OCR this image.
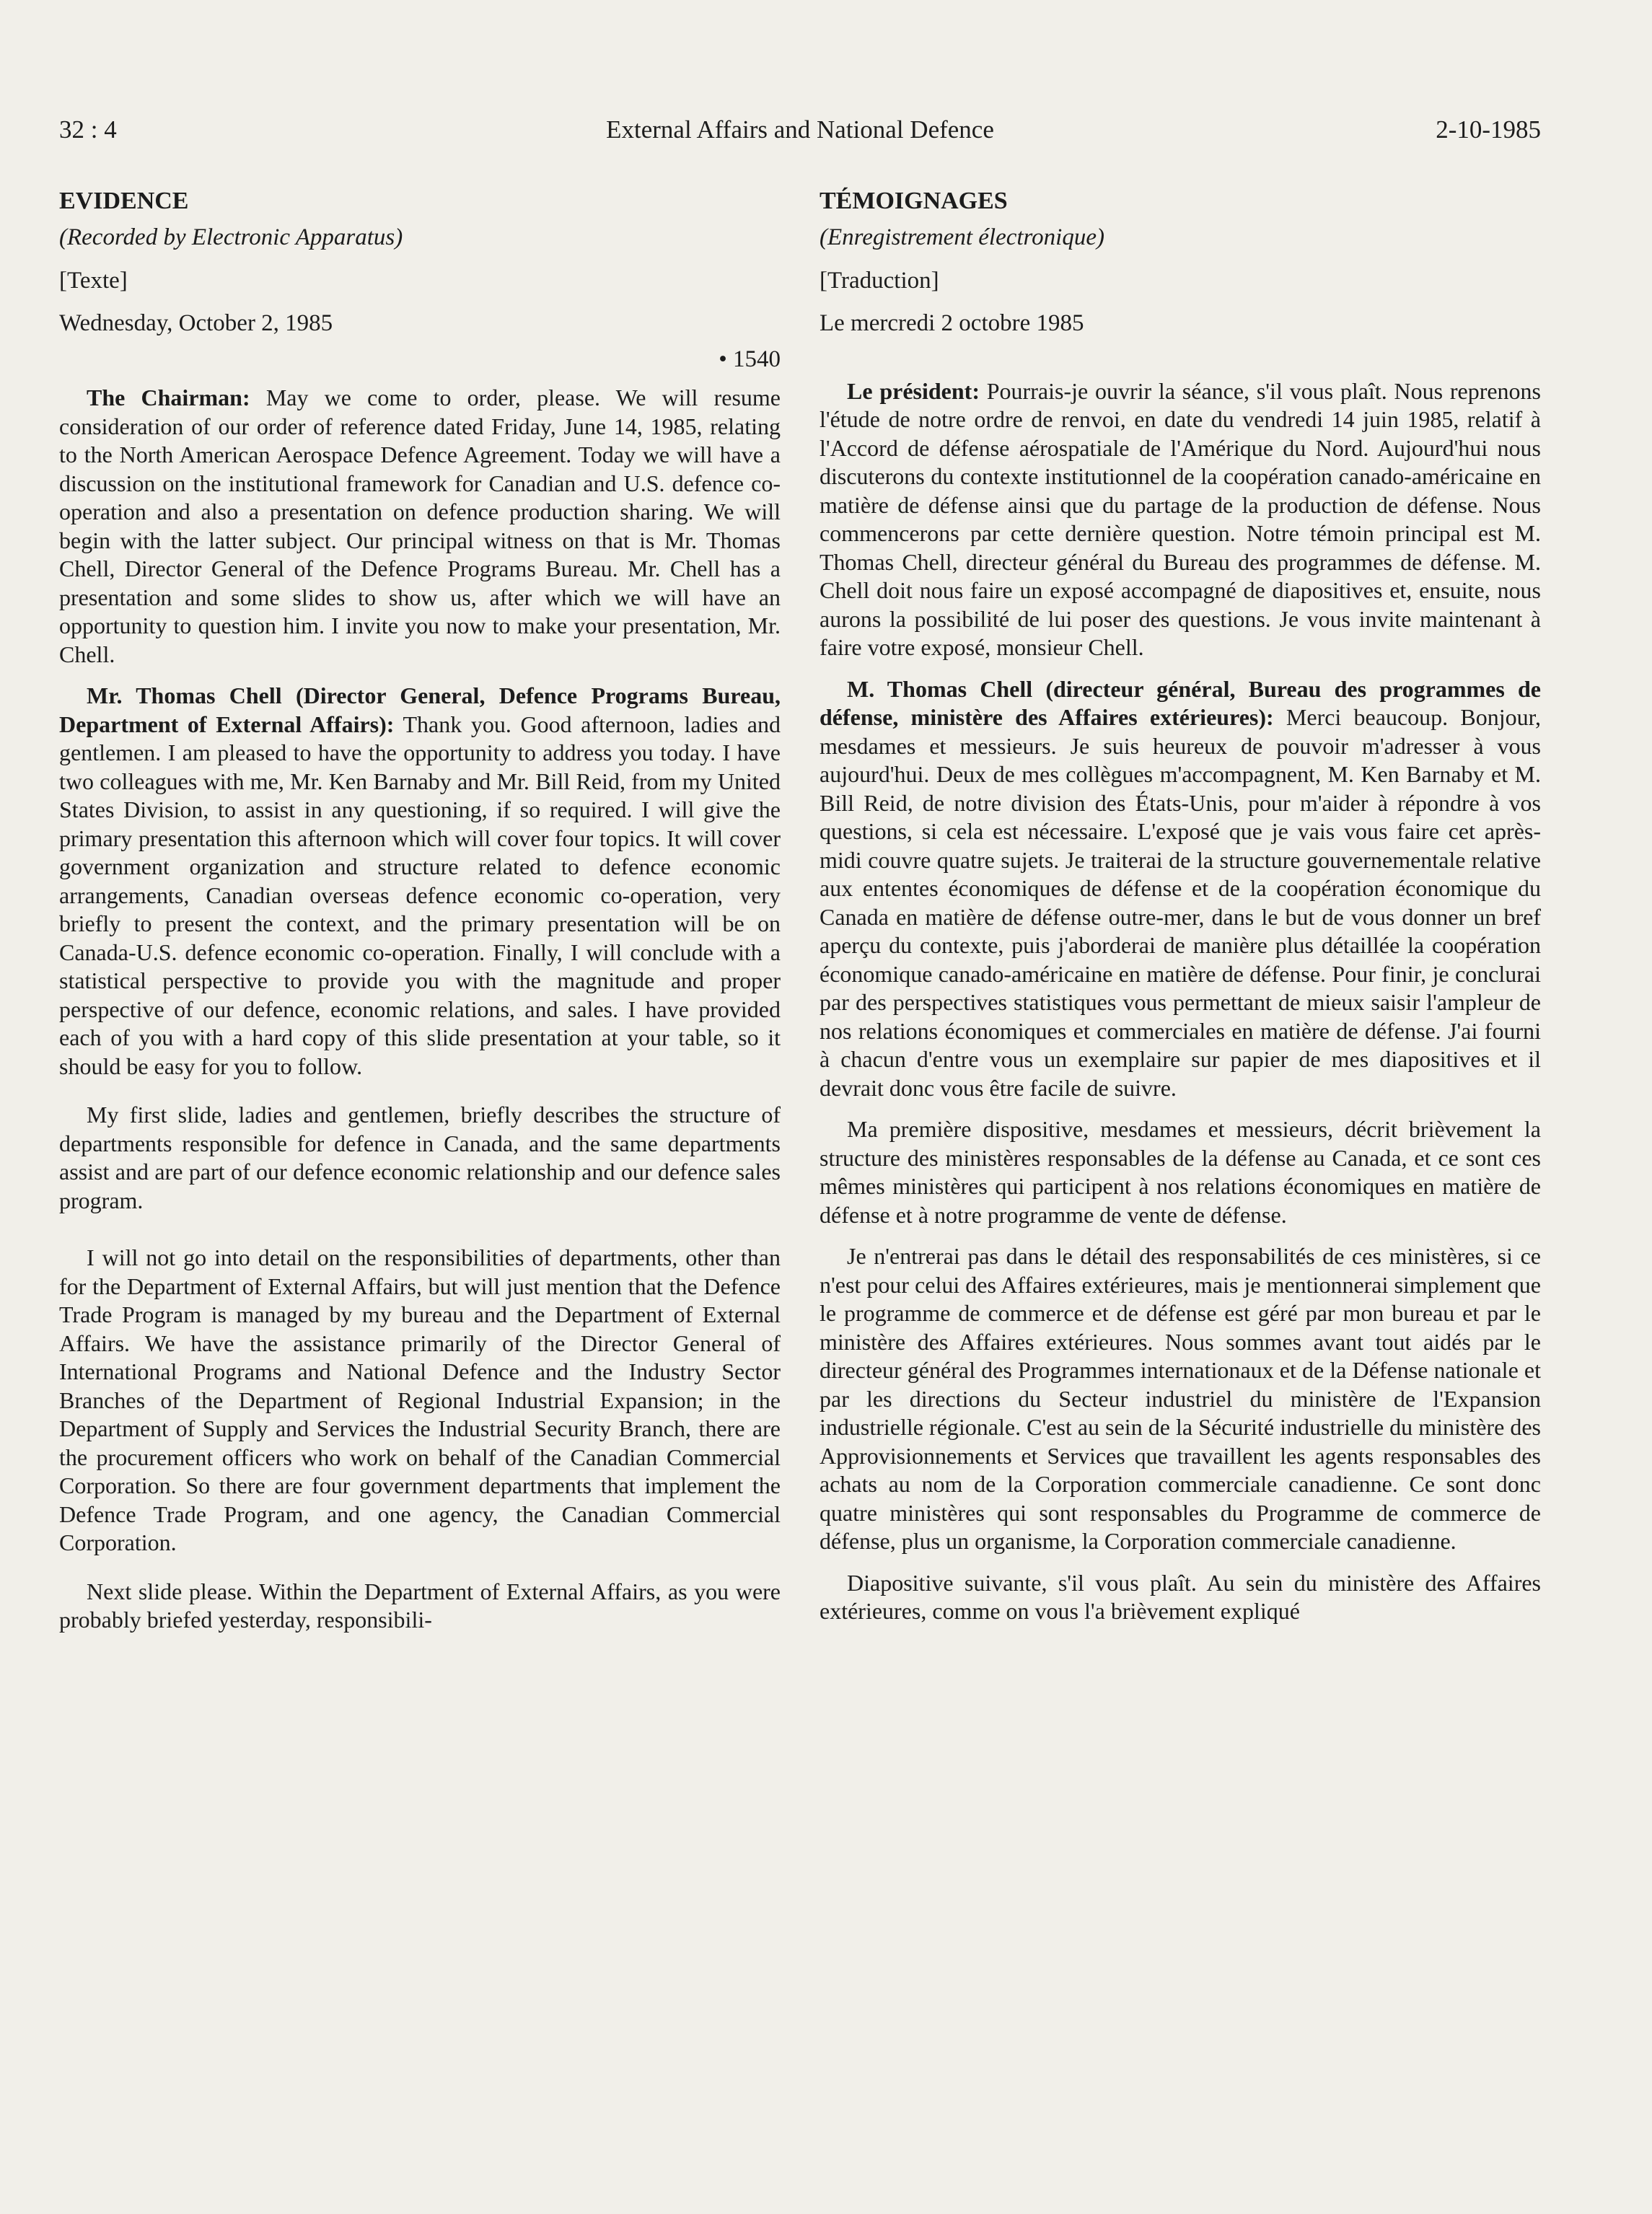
32 : 4	External Affairs and National Defence	2-10-1985
EVIDENCE
(Recorded by Electronic Apparatus)
[Texte]
Wednesday, October 2, 1985
• 1540

The Chairman: May we come to order, please. We will resume consideration of our order of reference dated Friday, June 14, 1985, relating to the North American Aerospace Defence Agreement. Today we will have a discussion on the institutional framework for Canadian and U.S. defence co-operation and also a presentation on defence production sharing. We will begin with the latter subject. Our principal witness on that is Mr. Thomas Chell, Director General of the Defence Programs Bureau. Mr. Chell has a presentation and some slides to show us, after which we will have an opportunity to question him. I invite you now to make your presentation, Mr. Chell.

Mr. Thomas Chell (Director General, Defence Programs Bureau, Department of External Affairs): Thank you. Good afternoon, ladies and gentlemen. I am pleased to have the opportunity to address you today. I have two colleagues with me, Mr. Ken Barnaby and Mr. Bill Reid, from my United States Division, to assist in any questioning, if so required. I will give the primary presentation this afternoon which will cover four topics. It will cover government organization and structure related to defence economic arrangements, Canadian overseas defence economic co-operation, very briefly to present the context, and the primary presentation will be on Canada-U.S. defence economic co-operation. Finally, I will conclude with a statistical perspective to provide you with the magnitude and proper perspective of our defence, economic relations, and sales. I have provided each of you with a hard copy of this slide presentation at your table, so it should be easy for you to follow.

My first slide, ladies and gentlemen, briefly describes the structure of departments responsible for defence in Canada, and the same departments assist and are part of our defence economic relationship and our defence sales program.

I will not go into detail on the responsibilities of departments, other than for the Department of External Affairs, but will just mention that the Defence Trade Program is managed by my bureau and the Department of External Affairs. We have the assistance primarily of the Director General of International Programs and National Defence and the Industry Sector Branches of the Department of Regional Industrial Expansion; in the Department of Supply and Services the Industrial Security Branch, there are the procurement officers who work on behalf of the Canadian Commercial Corporation. So there are four government departments that implement the Defence Trade Program, and one agency, the Canadian Commercial Corporation.

Next slide please. Within the Department of External Affairs, as you were probably briefed yesterday, responsibili-

TÉMOIGNAGES
(Enregistrement électronique)
[Traduction]
Le mercredi 2 octobre 1985

Le président: Pourrais-je ouvrir la séance, s'il vous plaît. Nous reprenons l'étude de notre ordre de renvoi, en date du vendredi 14 juin 1985, relatif à l'Accord de défense aérospatiale de l'Amérique du Nord. Aujourd'hui nous discuterons du contexte institutionnel de la coopération canado-américaine en matière de défense ainsi que du partage de la production de défense. Nous commencerons par cette dernière question. Notre témoin principal est M. Thomas Chell, directeur général du Bureau des programmes de défense. M. Chell doit nous faire un exposé accompagné de diapositives et, ensuite, nous aurons la possibilité de lui poser des questions. Je vous invite maintenant à faire votre exposé, monsieur Chell.

M. Thomas Chell (directeur général, Bureau des programmes de défense, ministère des Affaires extérieures): Merci beaucoup. Bonjour, mesdames et messieurs. Je suis heureux de pouvoir m'adresser à vous aujourd'hui. Deux de mes collègues m'accompagnent, M. Ken Barnaby et M. Bill Reid, de notre division des États-Unis, pour m'aider à répondre à vos questions, si cela est nécessaire. L'exposé que je vais vous faire cet après-midi couvre quatre sujets. Je traiterai de la structure gouvernementale relative aux ententes économiques de défense et de la coopération économique du Canada en matière de défense outre-mer, dans le but de vous donner un bref aperçu du contexte, puis j'aborderai de manière plus détaillée la coopération économique canado-américaine en matière de défense. Pour finir, je conclurai par des perspectives statistiques vous permettant de mieux saisir l'ampleur de nos relations économiques et commerciales en matière de défense. J'ai fourni à chacun d'entre vous un exemplaire sur papier de mes diapositives et il devrait donc vous être facile de suivre.

Ma première dispositive, mesdames et messieurs, décrit brièvement la structure des ministères responsables de la défense au Canada, et ce sont ces mêmes ministères qui participent à nos relations économiques en matière de défense et à notre programme de vente de défense.

Je n'entrerai pas dans le détail des responsabilités de ces ministères, si ce n'est pour celui des Affaires extérieures, mais je mentionnerai simplement que le programme de commerce et de défense est géré par mon bureau et par le ministère des Affaires extérieures. Nous sommes avant tout aidés par le directeur général des Programmes internationaux et de la Défense nationale et par les directions du Secteur industriel du ministère de l'Expansion industrielle régionale. C'est au sein de la Sécurité industrielle du ministère des Approvisionnements et Services que travaillent les agents responsables des achats au nom de la Corporation commerciale canadienne. Ce sont donc quatre ministères qui sont responsables du Programme de commerce de défense, plus un organisme, la Corporation commerciale canadienne.

Diapositive suivante, s'il vous plaît. Au sein du ministère des Affaires extérieures, comme on vous l'a brièvement expliqué
